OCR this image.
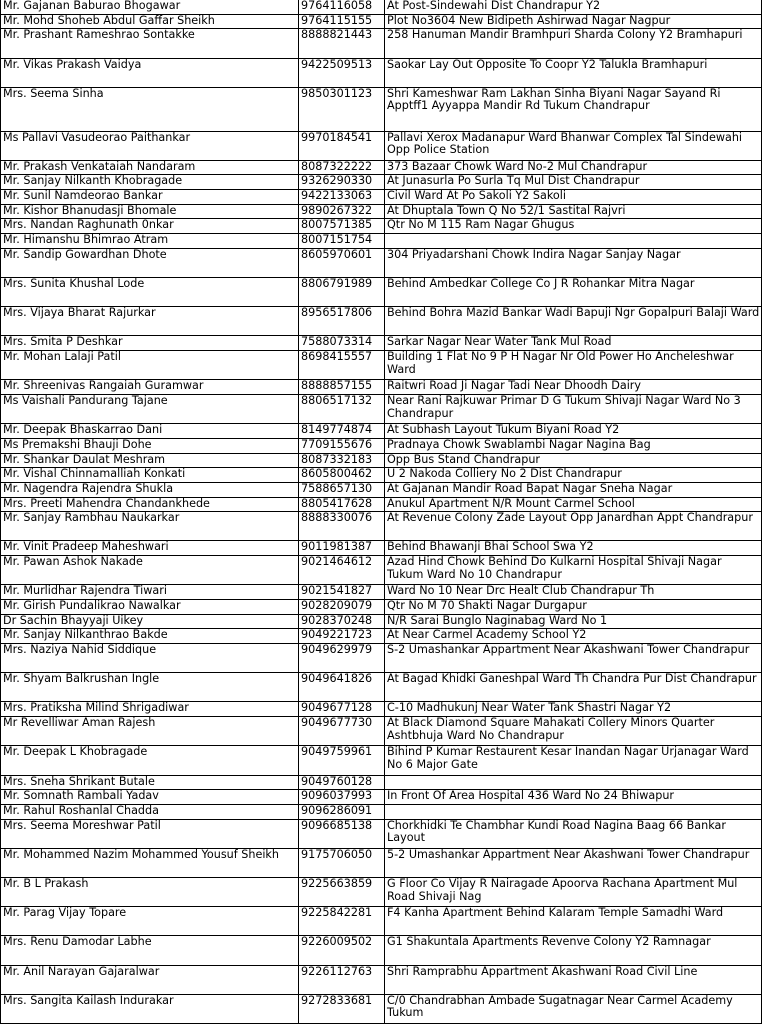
Mr. Gajanan Baburao Bhogawar	9764116058	At Post-Sindewahi Dist Chandrapur Y2
Mr. Mohd Shoheb Abdul Gaffar Sheikh	9764115155	Plot No3604 New Bidipeth Ashirwad Nagar Nagpur
Mr. Prashant Rameshrao Sontakke	8888821443	258 Hanuman Mandir Bramhpuri Sharda Colony Y2 Bramhapuri
Mr. Vikas Prakash Vaidya	9422509513	Saokar Lay Out Opposite To Coopr Y2 Talukla Bramhapuri
Mrs. Seema Sinha	9850301123	Shri Kameshwar Ram Lakhan Sinha Biyani Nagar Sayand Ri Apptff1 Ayyappa Mandir Rd Tukum Chandrapur
Ms Pallavi Vasudeorao Paithankar	9970184541	Pallavi Xerox Madanapur Ward Bhanwar Complex Tal Sindewahi Opp Police Station
Mr. Prakash Venkataiah Nandaram	8087322222	373 Bazaar Chowk Ward No-2 Mul Chandrapur
Mr. Sanjay Nilkanth Khobragade	9326290330	At Junasurla Po Surla Tq Mul Dist Chandrapur
Mr. Sunil Namdeorao Bankar	9422133063	Civil Ward At Po Sakoli Y2 Sakoli
Mr. Kishor Bhanudasji Bhomale	9890267322	At Dhuptala Town Q No 52/1 Sastital Rajvri
Mrs. Nandan Raghunath 0nkar	8007571385	Qtr No M 115 Ram Nagar Ghugus
Mr. Himanshu Bhimrao Atram	8007151754	
Mr. Sandip Gowardhan Dhote	8605970601	304 Priyadarshani Chowk Indira Nagar Sanjay Nagar
Mrs. Sunita Khushal Lode	8806791989	Behind Ambedkar College Co J R Rohankar Mitra Nagar
Mrs. Vijaya Bharat Rajurkar	8956517806	Behind Bohra Mazid Bankar Wadi Bapuji Ngr Gopalpuri Balaji Ward
Mrs. Smita P Deshkar	7588073314	Sarkar Nagar Near Water Tank Mul Road
Mr. Mohan Lalaji Patil	8698415557	Building 1 Flat No 9 P H Nagar Nr Old Power Ho Ancheleshwar Ward
Mr. Shreenivas Rangaiah Guramwar	8888857155	Raitwri Road Ji Nagar Tadi Near Dhoodh Dairy
Ms Vaishali Pandurang Tajane	8806517132	Near Rani Rajkuwar Primar D G Tukum Shivaji Nagar Ward No 3 Chandrapur
Mr. Deepak Bhaskarrao Dani	8149774874	At Subhash Layout Tukum Biyani Road Y2
Ms Premakshi Bhauji Dohe	7709155676	Pradnaya Chowk Swablambi Nagar Nagina Bag
Mr. Shankar Daulat Meshram	8087332183	Opp Bus Stand Chandrapur
Mr. Vishal Chinnamalliah Konkati	8605800462	U 2 Nakoda Colliery No 2 Dist Chandrapur
Mr. Nagendra Rajendra Shukla	7588657130	At Gajanan Mandir Road Bapat Nagar Sneha Nagar
Mrs. Preeti Mahendra Chandankhede	8805417628	Anukul Apartment N/R Mount Carmel School
Mr. Sanjay Rambhau Naukarkar	8888330076	At Revenue Colony Zade Layout Opp Janardhan Appt Chandrapur
Mr. Vinit Pradeep Maheshwari	9011981387	Behind Bhawanji Bhai School Swa Y2
Mr. Pawan Ashok Nakade	9021464612	Azad Hind Chowk Behind Do Kulkarni Hospital Shivaji Nagar Tukum Ward No 10 Chandrapur
Mr. Murlidhar Rajendra Tiwari	9021541827	Ward No 10 Near Drc Healt Club Chandrapur Th
Mr. Girish Pundalikrao Nawalkar	9028209079	Qtr No M 70 Shakti Nagar Durgapur
Dr Sachin Bhayyaji Uikey	9028370248	N/R Sarai Bunglo Naginabag Ward No 1
Mr. Sanjay Nilkanthrao Bakde	9049221723	At Near Carmel Academy School Y2
Mrs. Naziya Nahid Siddique	9049629979	S-2 Umashankar Appartment Near Akashwani Tower Chandrapur
Mr. Shyam Balkrushan Ingle	9049641826	At Bagad Khidki Ganeshpal Ward Th Chandra Pur Dist Chandrapur
Mrs. Pratiksha Milind Shrigadiwar	9049677128	C-10 Madhukunj Near Water Tank Shastri Nagar Y2
Mr Revelliwar Aman Rajesh	9049677730	At Black Diamond Square Mahakati Collery Minors Quarter Ashtbhuja Ward No Chandrapur
Mr. Deepak L Khobragade	9049759961	Bihind P Kumar Restaurent Kesar Inandan Nagar Urjanagar Ward No 6 Major Gate
Mrs. Sneha Shrikant Butale	9049760128	
Mr. Somnath Rambali Yadav	9096037993	In Front Of Area Hospital 436 Ward No 24 Bhiwapur
Mr. Rahul Roshanlal Chadda	9096286091	
Mrs. Seema Moreshwar Patil	9096685138	Chorkhidki Te Chambhar Kundi Road Nagina Baag 66 Bankar Layout
Mr. Mohammed Nazim Mohammed Yousuf Sheikh	9175706050	5-2 Umashankar Appartment Near Akashwani Tower Chandrapur
Mr. B L Prakash	9225663859	G Floor Co Vijay R Nairagade Apoorva Rachana Apartment Mul Road Shivaji Nag
Mr. Parag Vijay Topare	9225842281	F4 Kanha Apartment Behind Kalaram Temple Samadhi Ward
Mrs. Renu Damodar Labhe	9226009502	G1 Shakuntala Apartments Revenve Colony Y2 Ramnagar
Mr. Anil Narayan Gajaralwar	9226112763	Shri Ramprabhu Appartment Akashwani Road Civil Line
Mrs. Sangita Kailash Indurakar	9272833681	C/0 Chandrabhan Ambade Sugatnagar Near Carmel Academy Tukum
